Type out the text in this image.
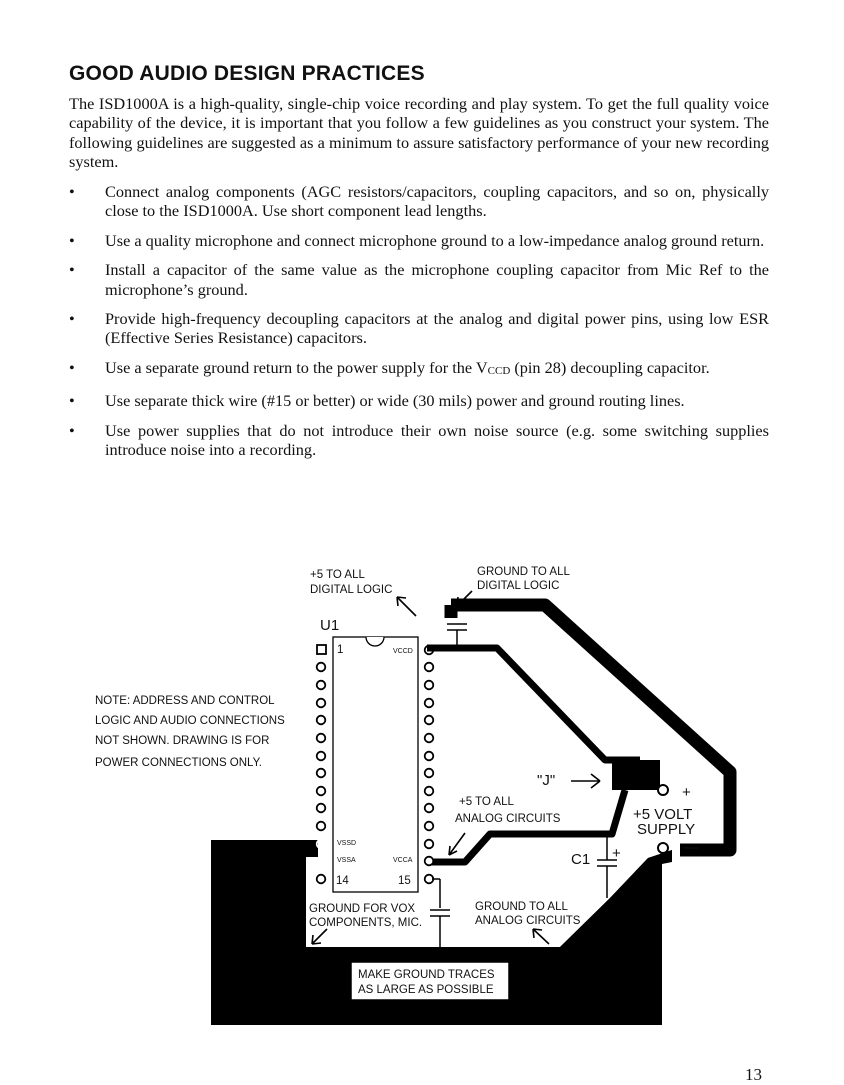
GOOD AUDIO DESIGN PRACTICES

The ISD1000A is a high-quality, single-chip voice recording and play system. To get the full quality voice capability of the device, it is important that you follow a few guidelines as you construct your system. The following guidelines are suggested as a minimum to assure satisfactory performance of your new recording system.

• Connect analog components (AGC resistors/capacitors, coupling capacitors, and so on, physically close to the ISD1000A. Use short component lead lengths.
• Use a quality microphone and connect microphone ground to a low-impedance analog ground return.
• Install a capacitor of the same value as the microphone coupling capacitor from Mic Ref to the microphone’s ground.
• Provide high-frequency decoupling capacitors at the analog and digital power pins, using low ESR (Effective Series Resistance) capacitors.
• Use a separate ground return to the power supply for the VCCD (pin 28) decoupling capacitor.
• Use separate thick wire (#15 or better) or wide (30 mils) power and ground routing lines.
• Use power supplies that do not introduce their own noise source (e.g. some switching supplies introduce noise into a recording.
MAKE GROUND TRACES
AS LARGE AS POSSIBLE
U1
1
14	15
VCCD
VSSD
VSSA	VCCA	C1 +
+5 TO ALL
DIGITAL LOGIC
GROUND TO ALL
DIGITAL LOGIC
NOTE: ADDRESS AND CONTROL
LOGIC AND AUDIO CONNECTIONS
NOT SHOWN. DRAWING IS FOR
POWER CONNECTIONS ONLY.
"J"
+5 TO ALL
ANALOG CIRCUITS
+
+5 VOLT
SUPPLY
—
GROUND FOR VOX
COMPONENTS, MIC.
GROUND TO ALL
ANALOG CIRCUITS
13
